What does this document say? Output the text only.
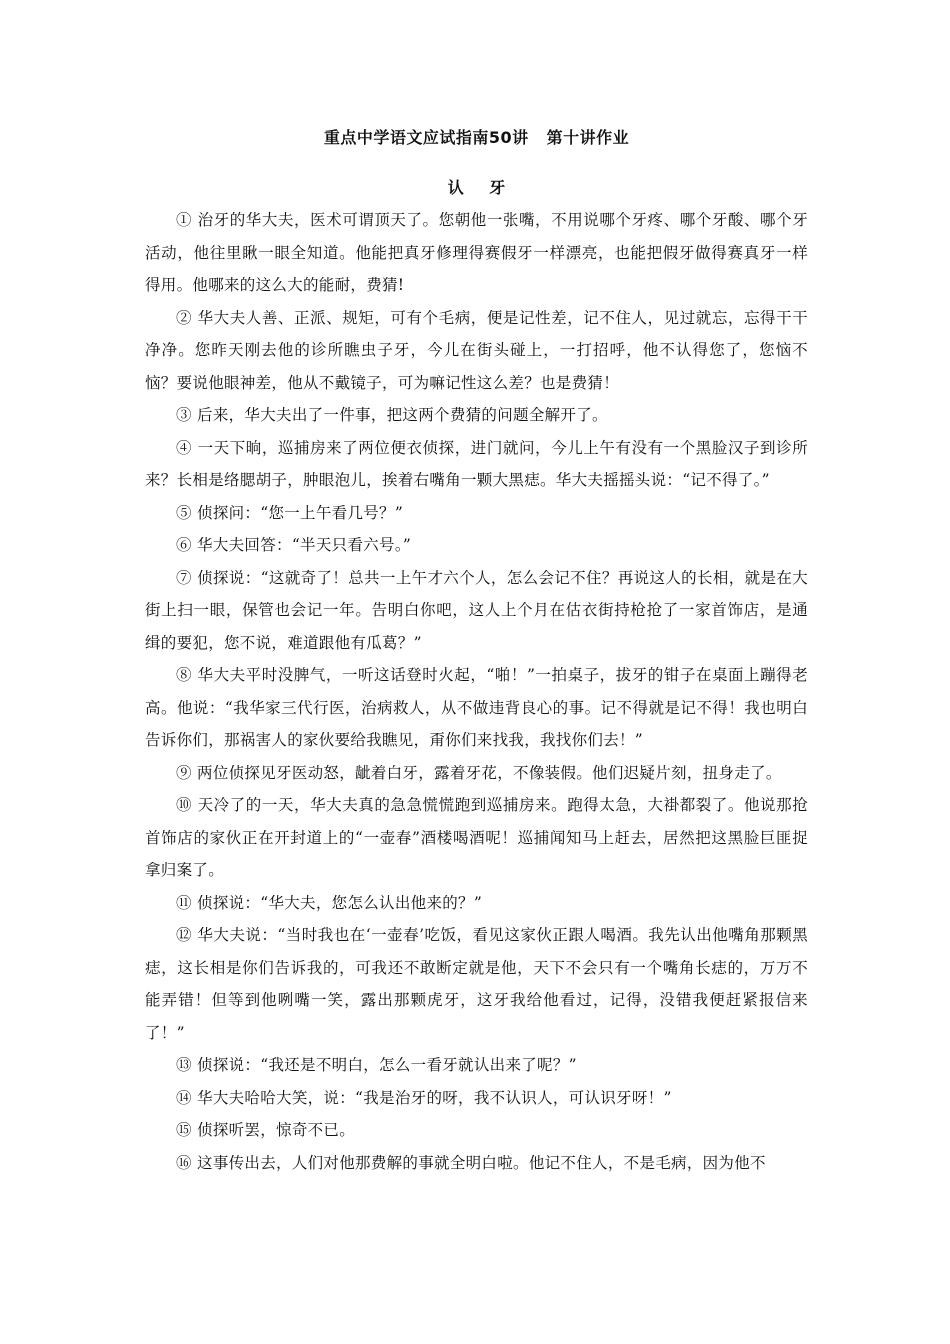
重点中学语文应试指南50讲 第十讲作业
认 牙

① 治牙的华大夫，医术可谓顶天了。您朝他一张嘴，不用说哪个牙疼、哪个牙酸、哪个牙活动，他往里瞅一眼全知道。他能把真牙修理得赛假牙一样漂亮，也能把假牙做得赛真牙一样得用。他哪来的这么大的能耐，费猜!

② 华大夫人善、正派、规矩，可有个毛病，便是记性差，记不住人，见过就忘，忘得干干净净。您昨天刚去他的诊所瞧虫子牙，今儿在街头碰上，一打招呼，他不认得您了，您恼不恼？要说他眼神差，他从不戴镜子，可为嘛记性这么差？也是费猜！

③ 后来，华大夫出了一件事，把这两个费猜的问题全解开了。

④ 一天下晌，巡捕房来了两位便衣侦探，进门就问，今儿上午有没有一个黑脸汉子到诊所来？长相是络腮胡子，肿眼泡儿，挨着右嘴角一颗大黑痣。华大夫摇摇头说：“记不得了。”

⑤ 侦探问：“您一上午看几号？”

⑥ 华大夫回答：“半天只看六号。”

⑦ 侦探说：“这就奇了！总共一上午才六个人，怎么会记不住？再说这人的长相，就是在大街上扫一眼，保管也会记一年。告明白你吧，这人上个月在估衣街持枪抢了一家首饰店，是通缉的要犯，您不说，难道跟他有瓜葛？”

⑧ 华大夫平时没脾气，一听这话登时火起，“啪！”一拍桌子，拔牙的钳子在桌面上蹦得老高。他说：“我华家三代行医，治病救人，从不做违背良心的事。记不得就是记不得！我也明白告诉你们，那祸害人的家伙要给我瞧见，甭你们来找我，我找你们去！”

⑨ 两位侦探见牙医动怒，龇着白牙，露着牙花，不像装假。他们迟疑片刻，扭身走了。

⑩ 天冷了的一天，华大夫真的急急慌慌跑到巡捕房来。跑得太急，大褂都裂了。他说那抢首饰店的家伙正在开封道上的“一壶春”酒楼喝酒呢！巡捕闻知马上赶去，居然把这黑脸巨匪捉拿归案了。

⑪ 侦探说：“华大夫，您怎么认出他来的？”

⑫ 华大夫说：“当时我也在‘一壶春’吃饭，看见这家伙正跟人喝酒。我先认出他嘴角那颗黑痣，这长相是你们告诉我的，可我还不敢断定就是他，天下不会只有一个嘴角长痣的，万万不能弄错！但等到他咧嘴一笑，露出那颗虎牙，这牙我给他看过，记得，没错我便赶紧报信来了！”

⑬ 侦探说：“我还是不明白，怎么一看牙就认出来了呢？”

⑭ 华大夫哈哈大笑，说：“我是治牙的呀，我不认识人，可认识牙呀！”

⑮ 侦探听罢，惊奇不已。

⑯ 这事传出去，人们对他那费解的事就全明白啦。他记不住人，不是毛病，因为他不
